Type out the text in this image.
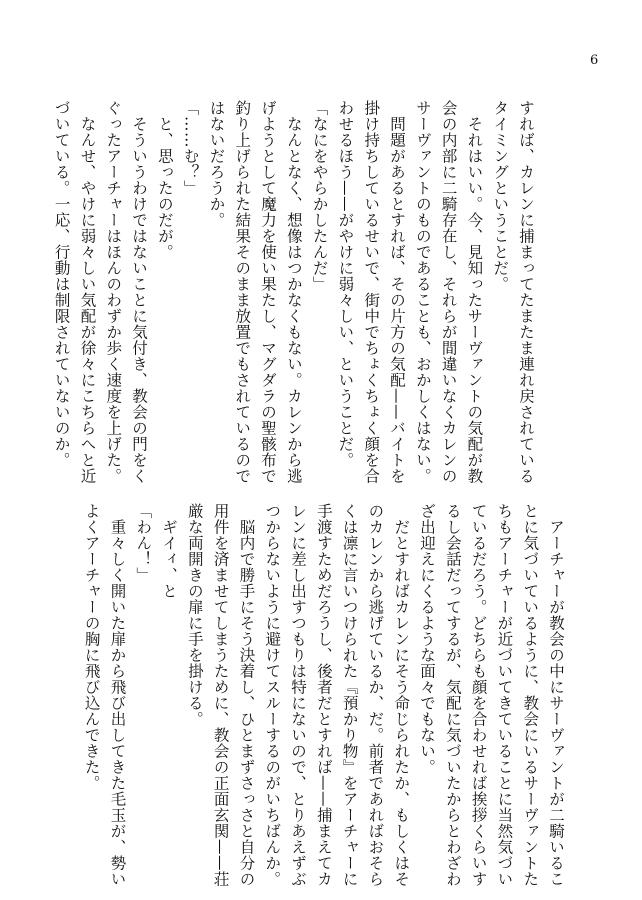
6
すれば、カレンに捕まってたまたま連れ戻されている
タイミングということだ。
　それはいい。今、見知ったサーヴァントの気配が教
会の内部に二騎存在し、それらが間違いなくカレンの
サーヴァントのものであることも、おかしくはない。
　問題があるとすれば、その片方の気配——バイトを
掛け持ちしているせいで、街中でちょくちょく顔を合
わせるほう——がやけに弱々しい、ということだ。
「なにをやらかしたんだ」
　なんとなく、想像はつかなくもない。カレンから逃
げようとして魔力を使い果たし、マグダラの聖骸布で
釣り上げられた結果そのまま放置でもされているので
はないだろうか。
「……む？」
　と、思ったのだが。
　そういうわけではないことに気付き、教会の門をく
ぐったアーチャーはほんのわずか歩く速度を上げた。
　なんせ、やけに弱々しい気配が徐々にこちらへと近
づいている。一応、行動は制限されていないのか。
　アーチャーが教会の中にサーヴァントが二騎いるこ
とに気づいているように、教会にいるサーヴァントた
ちもアーチャーが近づいてきていることに当然気づい
ているだろう。どちらも顔を合わせれば挨拶くらいす
るし会話だってするが、気配に気づいたからとわざわ
ざ出迎えにくるような面々でもない。
　だとすればカレンにそう命じられたか、もしくはそ
のカレンから逃げているか、だ。前者であればおそら
くは凛に言いつけられた『預かり物』をアーチャーに
手渡すためだろうし、後者だとすれば——捕まえてカ
レンに差し出すつもりは特にないので、とりあえずぶ
つからないように避けてスルーするのがいちばんか。
　脳内で勝手にそう決着し、ひとまずさっさと自分の
用件を済ませてしまうために、教会の正面玄関——荘
厳な両開きの扉に手を掛ける。
　ギイィ、と
「わん！」
　重々しく開いた扉から飛び出してきた毛玉が、勢い
よくアーチャーの胸に飛び込んできた。
